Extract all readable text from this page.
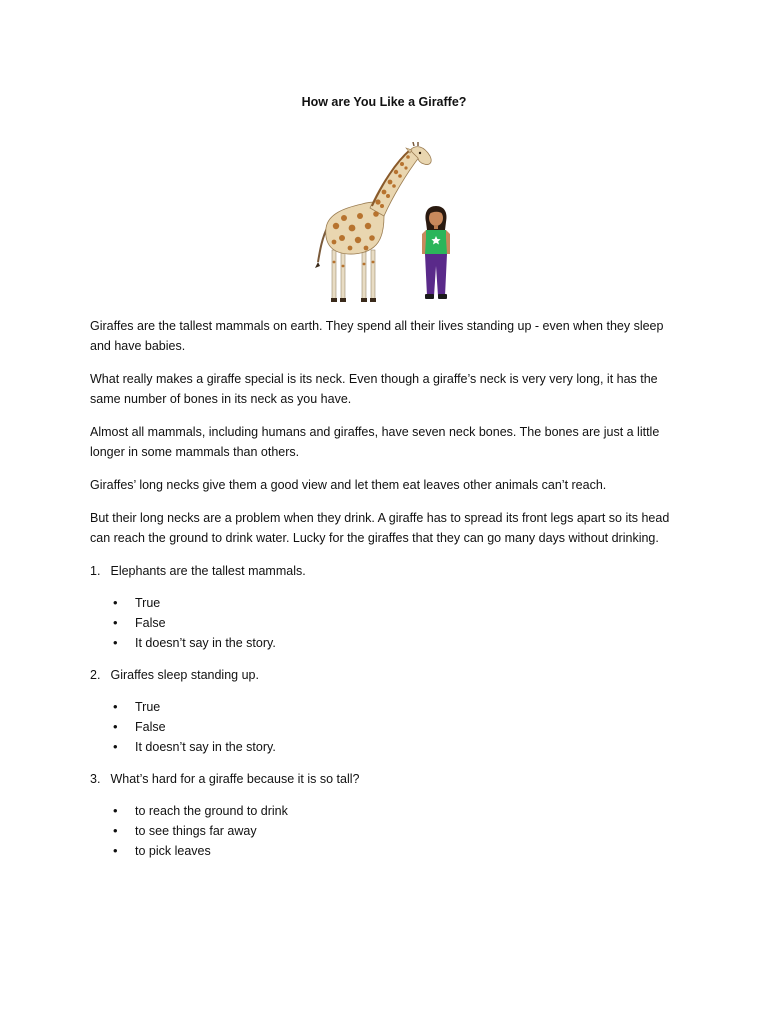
How are You Like a Giraffe?

Giraffes are the tallest mammals on earth. They spend all their lives standing up - even when they sleep and have babies.

What really makes a giraffe special is its neck. Even though a giraffe’s neck is very very long, it has the same number of bones in its neck as you have.

Almost all mammals, including humans and giraffes, have seven neck bones. The bones are just a little longer in some mammals than others.

Giraffes’ long necks give them a good view and let them eat leaves other animals can’t reach.

But their long necks are a problem when they drink. A giraffe has to spread its front legs apart so its head can reach the ground to drink water. Lucky for the giraffes that they can go many days without drinking.

1. Elephants are the tallest mammals.
• True
• False
• It doesn’t say in the story.
2. Giraffes sleep standing up.
• True
• False
• It doesn’t say in the story.
3. What’s hard for a giraffe because it is so tall?
• to reach the ground to drink
• to see things far away
• to pick leaves
